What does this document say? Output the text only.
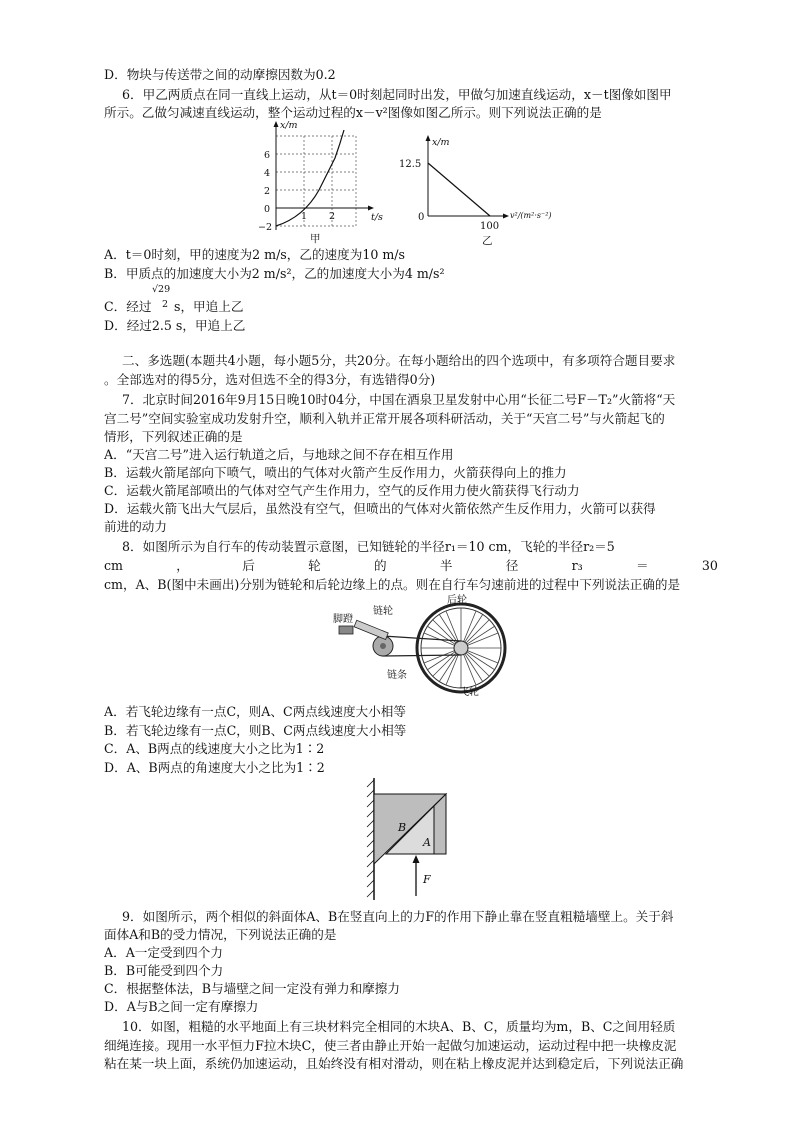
D．物块与传送带之间的动摩擦因数为0.2
6．甲乙两质点在同一直线上运动，从t＝0时刻起同时出发，甲做匀加速直线运动，x－t图像如图甲
所示。乙做匀减速直线运动，整个运动过程的x－v²图像如图乙所示。则下列说法正确的是
x/m
t/s
6
4
2
0
−2
1 2
甲
x/m
12.5
0
100
v²/(m²·s⁻²)
乙
A．t＝0时刻，甲的速度为2 m/s，乙的速度为10 m/s
B．甲质点的加速度大小为2 m/s²，乙的加速度大小为4 m/s²
C．经过
√29
2 s，甲追上乙
D．经过2.5 s，甲追上乙
二、多选题(本题共4小题，每小题5分，共20分。在每小题给出的四个选项中，有多项符合题目要求
。全部选对的得5分，选对但选不全的得3分，有选错得0分)
7．北京时间2016年9月15日晚10时04分，中国在酒泉卫星发射中心用“长征二号F－T₂”火箭将“天
宫二号”空间实验室成功发射升空，顺利入轨并正常开展各项科研活动，关于“天宫二号”与火箭起飞的
情形，下列叙述正确的是
A．“天宫二号”进入运行轨道之后，与地球之间不存在相互作用
B．运载火箭尾部向下喷气，喷出的气体对火箭产生反作用力，火箭获得向上的推力
C．运载火箭尾部喷出的气体对空气产生作用力，空气的反作用力使火箭获得飞行动力
D．运载火箭飞出大气层后，虽然没有空气，但喷出的气体对火箭依然产生反作用力，火箭可以获得
前进的动力
8．如图所示为自行车的传动装置示意图，已知链轮的半径r₁＝10 cm，飞轮的半径r₂＝5
cm	，	后	轮	的	半	径	r₃	＝	30
cm，A、B(图中未画出)分别为链轮和后轮边缘上的点。则在自行车匀速前进的过程中下列说法正确的是
链轮
后轮
脚蹬
链条
飞轮
A．若飞轮边缘有一点C，则A、C两点线速度大小相等
B．若飞轮边缘有一点C，则B、C两点线速度大小相等
C．A、B两点的线速度大小之比为1∶2
D．A、B两点的角速度大小之比为1∶2
B
A
F
9．如图所示，两个相似的斜面体A、B在竖直向上的力F的作用下静止靠在竖直粗糙墙壁上。关于斜
面体A和B的受力情况，下列说法正确的是
A．A一定受到四个力
B．B可能受到四个力
C．根据整体法，B与墙壁之间一定没有弹力和摩擦力
D．A与B之间一定有摩擦力
10．如图，粗糙的水平地面上有三块材料完全相同的木块A、B、C，质量均为m，B、C之间用轻质
细绳连接。现用一水平恒力F拉木块C，使三者由静止开始一起做匀加速运动，运动过程中把一块橡皮泥
粘在某一块上面，系统仍加速运动，且始终没有相对滑动，则在粘上橡皮泥并达到稳定后，下列说法正确
